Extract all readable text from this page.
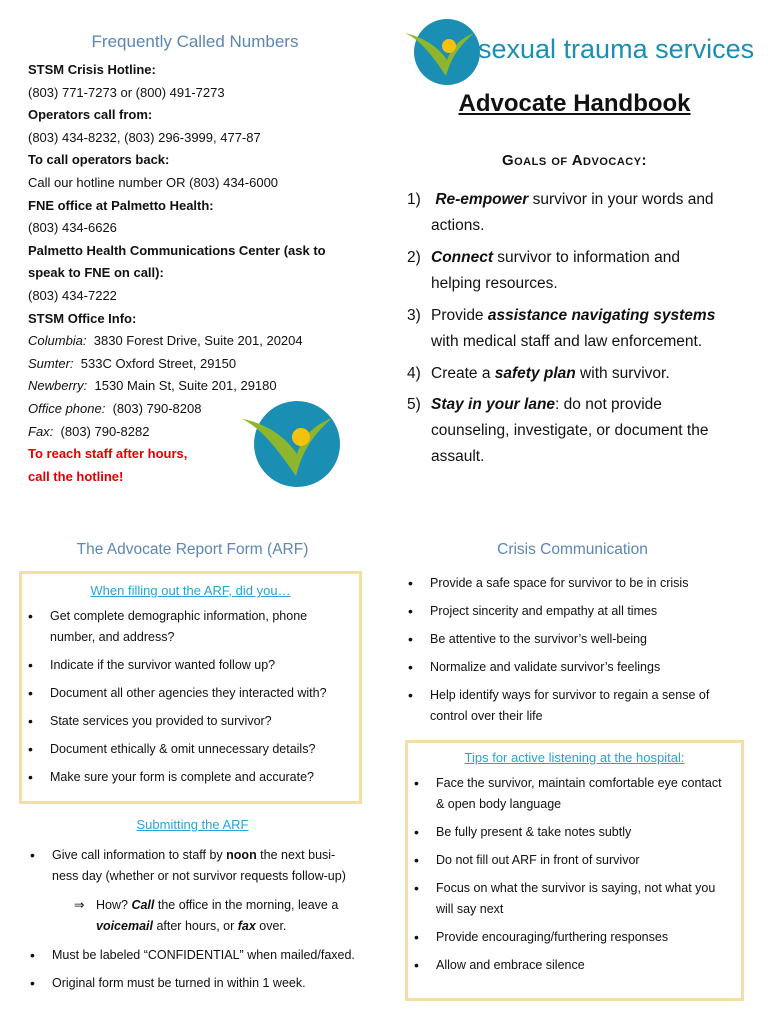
Frequently Called Numbers
STSM Crisis Hotline:
(803) 771-7273 or (800) 491-7273
Operators call from:
(803) 434-8232, (803) 296-3999, 477-87
To call operators back:
Call our hotline number OR (803) 434-6000
FNE office at Palmetto Health:
(803) 434-6626
Palmetto Health Communications Center (ask to
speak to FNE on call):
(803) 434-7222
STSM Office Info:
Columbia: 3830 Forest Drive, Suite 201, 20204
Sumter: 533C Oxford Street, 29150
Newberry: 1530 Main St, Suite 201, 29180
Office phone: (803) 790-8208
Fax: (803) 790-8282
To reach staff after hours,
call the hotline!
sexual trauma services
Advocate Handbook
Goals of Advocacy:
1) Re-empower survivor in your words and
actions.
2) Connect survivor to information and
helping resources.
3) Provide assistance navigating systems
with medical staff and law enforcement.
4) Create a safety plan with survivor.
5) Stay in your lane: do not provide
counseling, investigate, or document the
assault.
The Advocate Report Form (ARF)
When filling out the ARF, did you…
• Get complete demographic information, phone number, and address?
• Indicate if the survivor wanted follow up?
• Document all other agencies they interacted with?
• State services you provided to survivor?
• Document ethically & omit unnecessary details?
• Make sure your form is complete and accurate?
Submitting the ARF
• Give call information to staff by noon the next busi-
ness day (whether or not survivor requests follow-up)
⇒ How? Call the office in the morning, leave a
voicemail after hours, or fax over.
• Must be labeled “CONFIDENTIAL” when mailed/faxed.
• Original form must be turned in within 1 week.
Crisis Communication
• Provide a safe space for survivor to be in crisis
• Project sincerity and empathy at all times
• Be attentive to the survivor’s well-being
• Normalize and validate survivor’s feelings
• Help identify ways for survivor to regain a sense of control over their life
Tips for active listening at the hospital:
• Face the survivor, maintain comfortable eye contact & open body language
• Be fully present & take notes subtly
• Do not fill out ARF in front of survivor
• Focus on what the survivor is saying, not what you will say next
• Provide encouraging/furthering responses
• Allow and embrace silence
